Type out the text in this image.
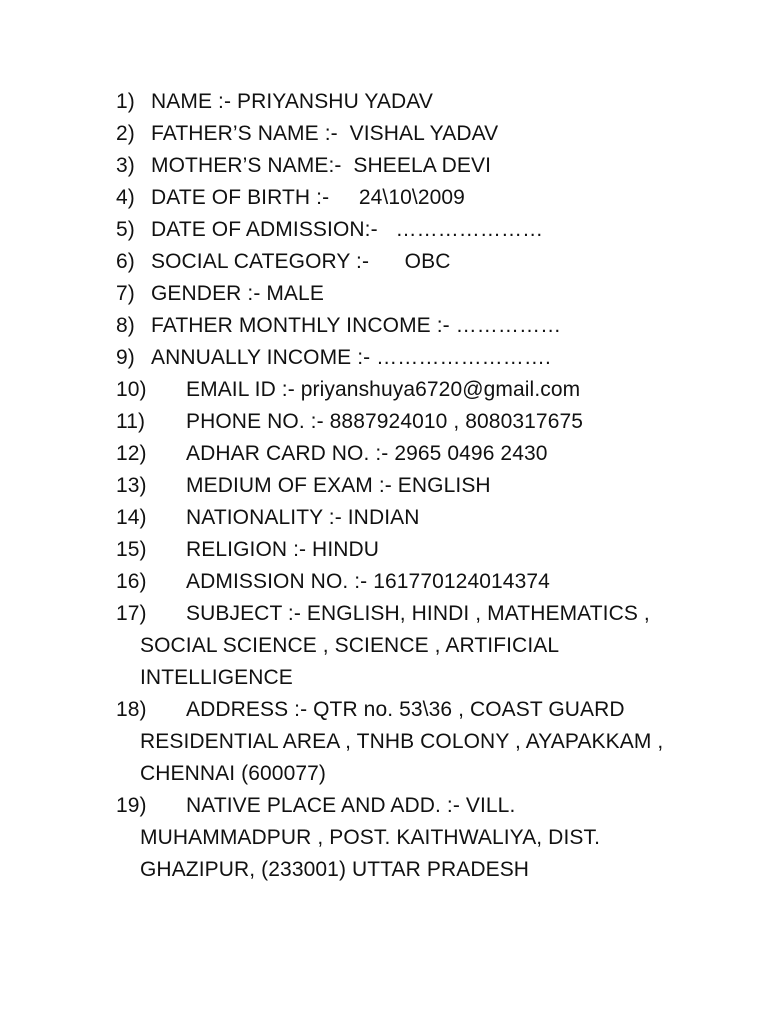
1) NAME :- PRIYANSHU YADAV
2) FATHER’S NAME :-  VISHAL YADAV
3) MOTHER’S NAME:-  SHEELA DEVI
4) DATE OF BIRTH :-     24\10\2009
5) DATE OF ADMISSION:-   …………………
6) SOCIAL CATEGORY :-      OBC
7) GENDER :- MALE
8) FATHER MONTHLY INCOME :- ……………
9) ANNUALLY INCOME :- …………………….
10) EMAIL ID :- priyanshuya6720@gmail.com
11) PHONE NO. :- 8887924010 , 8080317675
12) ADHAR CARD NO. :- 2965 0496 2430
13) MEDIUM OF EXAM :- ENGLISH
14) NATIONALITY :- INDIAN
15) RELIGION :- HINDU
16) ADMISSION NO. :- 161770124014374
17) SUBJECT :- ENGLISH, HINDI , MATHEMATICS ,
SOCIAL SCIENCE , SCIENCE , ARTIFICIAL
INTELLIGENCE
18) ADDRESS :- QTR no. 53\36 , COAST GUARD
RESIDENTIAL AREA , TNHB COLONY , AYAPAKKAM ,
CHENNAI (600077)
19) NATIVE PLACE AND ADD. :- VILL.
MUHAMMADPUR , POST. KAITHWALIYA, DIST.
GHAZIPUR, (233001) UTTAR PRADESH
